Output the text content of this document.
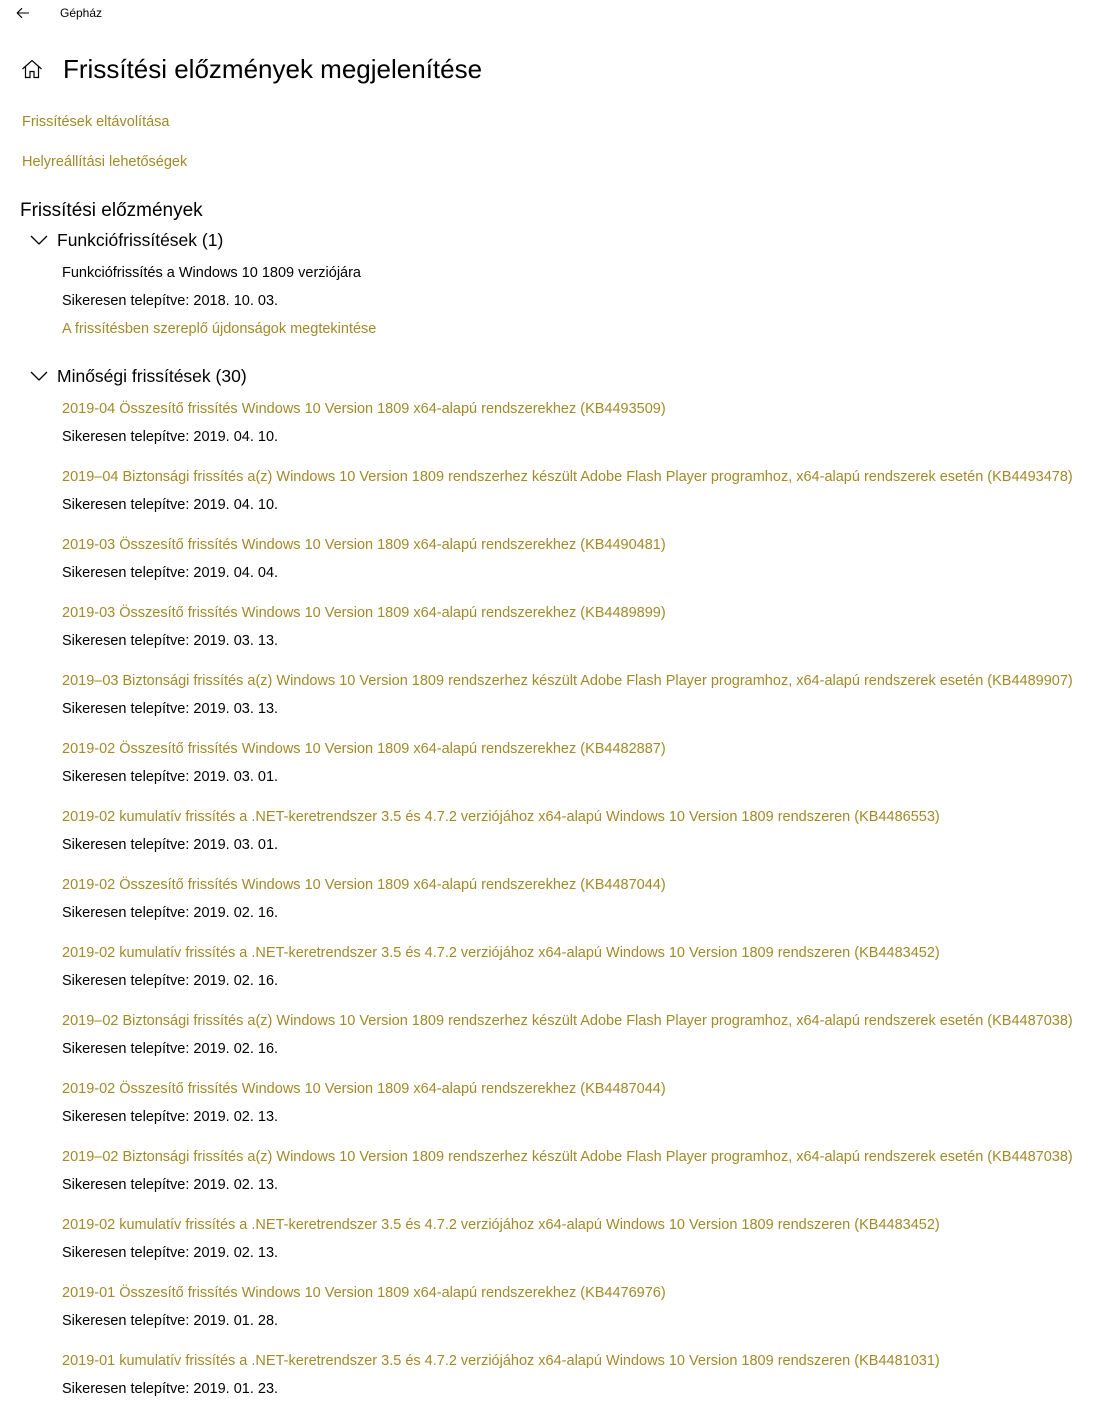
Gépház
Frissítési előzmények megjelenítése
Frissítések eltávolítása
Helyreállítási lehetőségek
Frissítési előzmények
Funkciófrissítések (1)
Funkciófrissítés a Windows 10 1809 verziójára
Sikeresen telepítve: 2018. 10. 03.
A frissítésben szereplő újdonságok megtekintése
Minőségi frissítések (30)
2019-04 Összesítő frissítés Windows 10 Version 1809 x64-alapú rendszerekhez (KB4493509)
Sikeresen telepítve: 2019. 04. 10.
2019–04 Biztonsági frissítés a(z) Windows 10 Version 1809 rendszerhez készült Adobe Flash Player programhoz, x64-alapú rendszerek esetén (KB4493478)
Sikeresen telepítve: 2019. 04. 10.
2019-03 Összesítő frissítés Windows 10 Version 1809 x64-alapú rendszerekhez (KB4490481)
Sikeresen telepítve: 2019. 04. 04.
2019-03 Összesítő frissítés Windows 10 Version 1809 x64-alapú rendszerekhez (KB4489899)
Sikeresen telepítve: 2019. 03. 13.
2019–03 Biztonsági frissítés a(z) Windows 10 Version 1809 rendszerhez készült Adobe Flash Player programhoz, x64-alapú rendszerek esetén (KB4489907)
Sikeresen telepítve: 2019. 03. 13.
2019-02 Összesítő frissítés Windows 10 Version 1809 x64-alapú rendszerekhez (KB4482887)
Sikeresen telepítve: 2019. 03. 01.
2019-02 kumulatív frissítés a .NET-keretrendszer 3.5 és 4.7.2 verziójához x64-alapú Windows 10 Version 1809 rendszeren (KB4486553)
Sikeresen telepítve: 2019. 03. 01.
2019-02 Összesítő frissítés Windows 10 Version 1809 x64-alapú rendszerekhez (KB4487044)
Sikeresen telepítve: 2019. 02. 16.
2019-02 kumulatív frissítés a .NET-keretrendszer 3.5 és 4.7.2 verziójához x64-alapú Windows 10 Version 1809 rendszeren (KB4483452)
Sikeresen telepítve: 2019. 02. 16.
2019–02 Biztonsági frissítés a(z) Windows 10 Version 1809 rendszerhez készült Adobe Flash Player programhoz, x64-alapú rendszerek esetén (KB4487038)
Sikeresen telepítve: 2019. 02. 16.
2019-02 Összesítő frissítés Windows 10 Version 1809 x64-alapú rendszerekhez (KB4487044)
Sikeresen telepítve: 2019. 02. 13.
2019–02 Biztonsági frissítés a(z) Windows 10 Version 1809 rendszerhez készült Adobe Flash Player programhoz, x64-alapú rendszerek esetén (KB4487038)
Sikeresen telepítve: 2019. 02. 13.
2019-02 kumulatív frissítés a .NET-keretrendszer 3.5 és 4.7.2 verziójához x64-alapú Windows 10 Version 1809 rendszeren (KB4483452)
Sikeresen telepítve: 2019. 02. 13.
2019-01 Összesítő frissítés Windows 10 Version 1809 x64-alapú rendszerekhez (KB4476976)
Sikeresen telepítve: 2019. 01. 28.
2019-01 kumulatív frissítés a .NET-keretrendszer 3.5 és 4.7.2 verziójához x64-alapú Windows 10 Version 1809 rendszeren (KB4481031)
Sikeresen telepítve: 2019. 01. 23.
